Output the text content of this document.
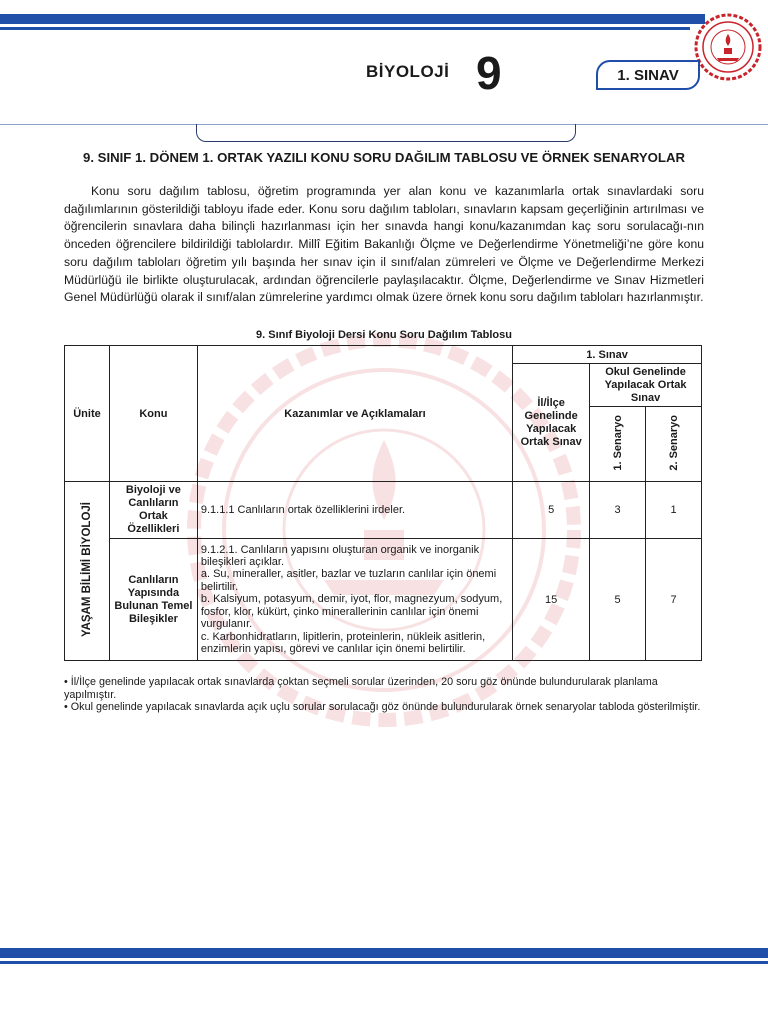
BİYOLOJİ 9	1. SINAV
9. SINIF 1. DÖNEM 1. ORTAK YAZILI KONU SORU DAĞILIM TABLOSU VE ÖRNEK SENARYOLAR

Konu soru dağılım tablosu, öğretim programında yer alan konu ve kazanımlarla ortak sınavlardaki soru dağılımlarının gösterildiği tabloyu ifade eder. Konu soru dağılım tabloları, sınavların kapsam geçerliğinin artırılması ve öğrencilerin sınavlara daha bilinçli hazırlanması için her sınavda hangi konu/kazanımdan kaç soru sorulacağı-nın önceden öğrencilere bildirildiği tablolardır. Millî Eğitim Bakanlığı Ölçme ve Değerlendirme Yönetmeliği’ne göre konu soru dağılım tabloları öğretim yılı başında her sınav için il sınıf/alan zümreleri ve Ölçme ve Değerlendirme Merkezi Müdürlüğü ile birlikte oluşturulacak, ardından öğrencilerle paylaşılacaktır. Ölçme, Değerlendirme ve Sınav Hizmetleri Genel Müdürlüğü olarak il sınıf/alan zümrelerine yardımcı olmak üzere örnek konu soru dağılım tabloları hazırlanmıştır.

9. Sınıf Biyoloji Dersi Konu Soru Dağılım Tablosu
Ünite	Konu	Kazanımlar ve Açıklamaları	1. Sınav		
			İl/İlçe Genelinde Yapılacak Ortak Sınav	Okul Genelinde Yapılacak Ortak Sınav	
				1. Senaryo	2. Senaryo
YAŞAM BİLİMİ BİYOLOJİ	Biyoloji ve Canlıların Ortak Özellikleri	9.1.1.1 Canlıların ortak özelliklerini irdeler.	5	3	1
	Canlıların Yapısında Bulunan Temel Bileşikler	9.1.2.1. Canlıların yapısını oluşturan organik ve inorganik bileşikleri açıklar.
a. Su, mineraller, asitler, bazlar ve tuzların canlılar için önemi belirtilir.
b. Kalsiyum, potasyum, demir, iyot, flor, magnezyum, sodyum, fosfor, klor, kükürt, çinko minerallerinin canlılar için önemi vurgulanır.
c. Karbonhidratların, lipitlerin, proteinlerin, nükleik asitlerin, enzimlerin yapısı, görevi ve canlılar için önemi belirtilir.	15	5	7

• İl/İlçe genelinde yapılacak ortak sınavlarda çoktan seçmeli sorular üzerinden, 20 soru göz önünde bulundurularak planlama yapılmıştır.

• Okul genelinde yapılacak sınavlarda açık uçlu sorular sorulacağı göz önünde bulundurularak örnek senaryolar tabloda gösterilmiştir.
